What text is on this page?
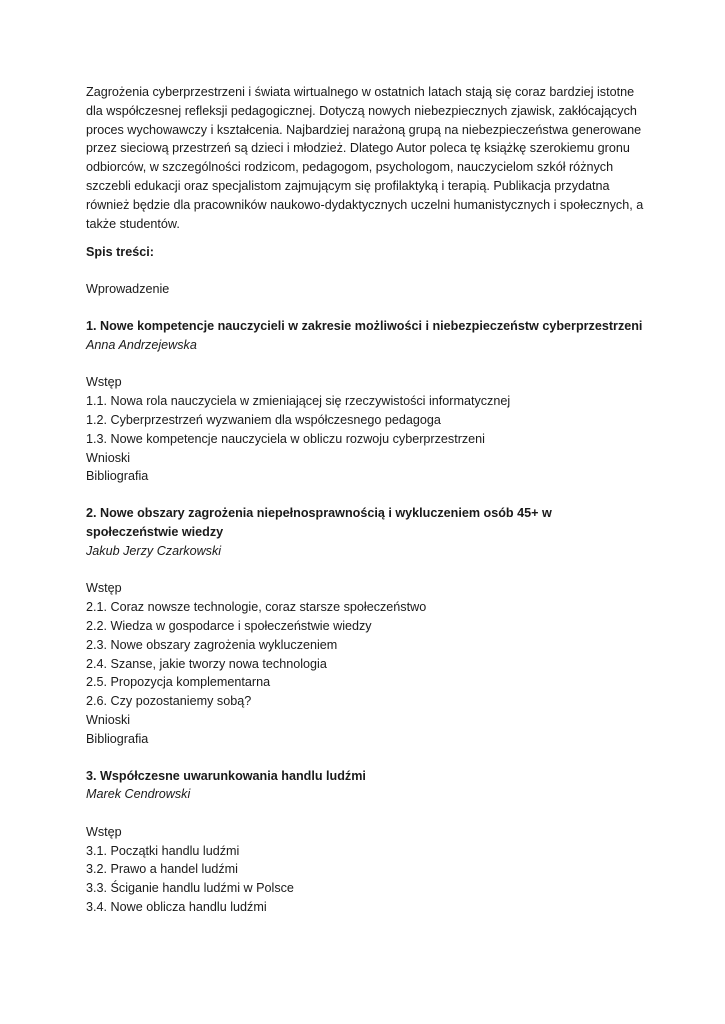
Zagrożenia cyberprzestrzeni i świata wirtualnego w ostatnich latach stają się coraz bardziej istotne dla współczesnej refleksji pedagogicznej. Dotyczą nowych niebezpiecznych zjawisk, zakłócających proces wychowawczy i kształcenia. Najbardziej narażoną grupą na niebezpieczeństwa generowane przez sieciową przestrzeń są dzieci i młodzież. Dlatego Autor poleca tę książkę szerokiemu gronu odbiorców, w szczególności rodzicom, pedagogom, psychologom, nauczycielom szkół różnych szczebli edukacji oraz specjalistom zajmującym się profilaktyką i terapią. Publikacja przydatna również będzie dla pracowników naukowo-dydaktycznych uczelni humanistycznych i społecznych, a także studentów.

Spis treści:
Wprowadzenie
1. Nowe kompetencje nauczycieli w zakresie możliwości i niebezpieczeństw cyberprzestrzeni
Anna Andrzejewska
Wstęp
1.1. Nowa rola nauczyciela w zmieniającej się rzeczywistości informatycznej
1.2. Cyberprzestrzeń wyzwaniem dla współczesnego pedagoga
1.3. Nowe kompetencje nauczyciela w obliczu rozwoju cyberprzestrzeni
Wnioski
Bibliografia
2. Nowe obszary zagrożenia niepełnosprawnością i wykluczeniem osób 45+ w społeczeństwie wiedzy
Jakub Jerzy Czarkowski
Wstęp
2.1. Coraz nowsze technologie, coraz starsze społeczeństwo
2.2. Wiedza w gospodarce i społeczeństwie wiedzy
2.3. Nowe obszary zagrożenia wykluczeniem
2.4. Szanse, jakie tworzy nowa technologia
2.5. Propozycja komplementarna
2.6. Czy pozostaniemy sobą?
Wnioski
Bibliografia
3. Współczesne uwarunkowania handlu ludźmi
Marek Cendrowski
Wstęp
3.1. Początki handlu ludźmi
3.2. Prawo a handel ludźmi
3.3. Ściganie handlu ludźmi w Polsce
3.4. Nowe oblicza handlu ludźmi
